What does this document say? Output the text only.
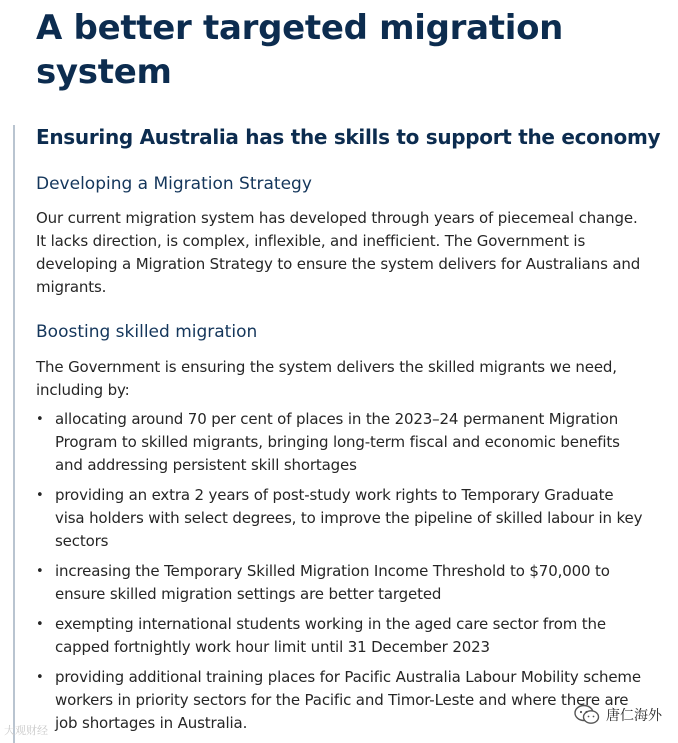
A better targeted migration system
Ensuring Australia has the skills to support the economy
Developing a Migration Strategy

Our current migration system has developed through years of piecemeal change. It lacks direction, is complex, inflexible, and inefficient. The Government is developing a Migration Strategy to ensure the system delivers for Australians and migrants.

Boosting skilled migration

The Government is ensuring the system delivers the skilled migrants we need, including by:

• allocating around 70 per cent of places in the 2023–24 permanent Migration Program to skilled migrants, bringing long-term fiscal and economic benefits and addressing persistent skill shortages
• providing an extra 2 years of post-study work rights to Temporary Graduate visa holders with select degrees, to improve the pipeline of skilled labour in key sectors
• increasing the Temporary Skilled Migration Income Threshold to $70,000 to ensure skilled migration settings are better targeted
• exempting international students working in the aged care sector from the capped fortnightly work hour limit until 31 December 2023
• providing additional training places for Pacific Australia Labour Mobility scheme workers in priority sectors for the Pacific and Timor-Leste and where there are job shortages in Australia.
大观财经
唐仁海外
